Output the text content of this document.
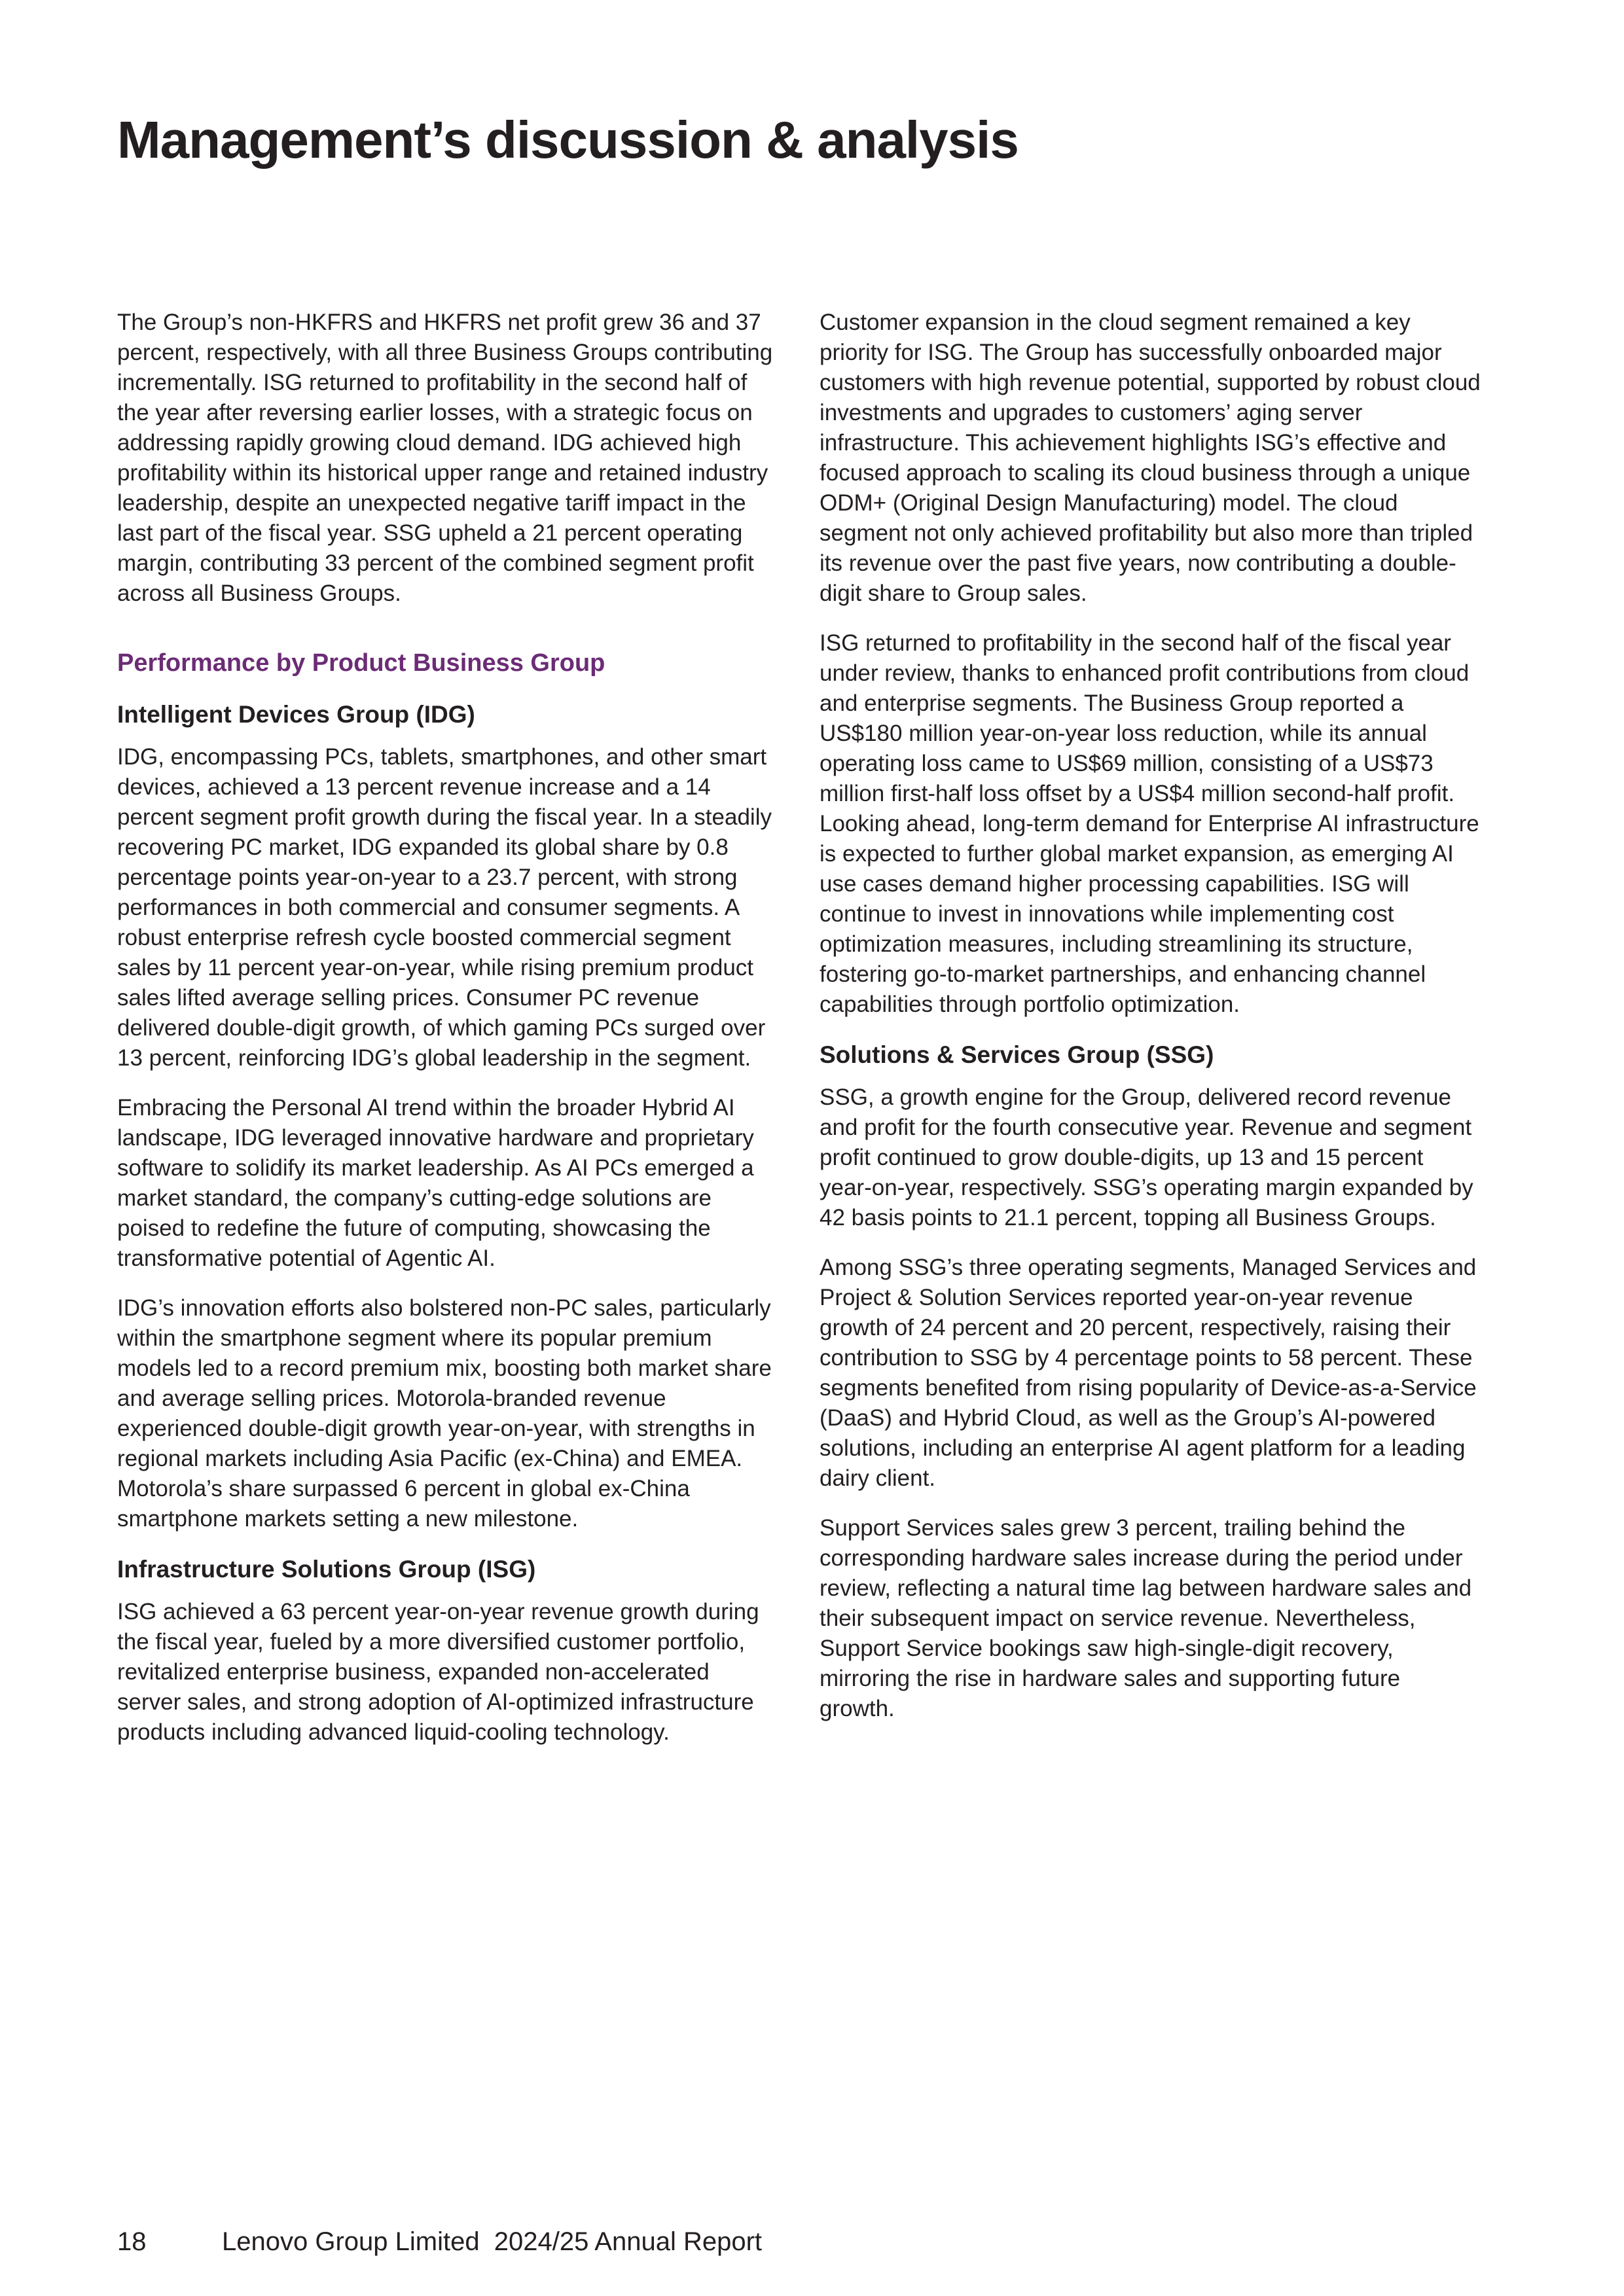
Management’s discussion & analysis

The Group’s non-HKFRS and HKFRS net profit grew 36 and 37 percent, respectively, with all three Business Groups contributing incrementally. ISG returned to profitability in the second half of the year after reversing earlier losses, with a strategic focus on addressing rapidly growing cloud demand. IDG achieved high profitability within its historical upper range and retained industry leadership, despite an unexpected negative tariff impact in the last part of the fiscal year. SSG upheld a 21 percent operating margin, contributing 33 percent of the combined segment profit across all Business Groups.

Performance by Product Business Group
Intelligent Devices Group (IDG)

IDG, encompassing PCs, tablets, smartphones, and other smart devices, achieved a 13 percent revenue increase and a 14 percent segment profit growth during the fiscal year. In a steadily recovering PC market, IDG expanded its global share by 0.8 percentage points year-on-year to a 23.7 percent, with strong performances in both commercial and consumer segments. A robust enterprise refresh cycle boosted commercial segment sales by 11 percent year-on-year, while rising premium product sales lifted average selling prices. Consumer PC revenue delivered double-digit growth, of which gaming PCs surged over 13 percent, reinforcing IDG’s global leadership in the segment.

Embracing the Personal AI trend within the broader Hybrid AI landscape, IDG leveraged innovative hardware and proprietary software to solidify its market leadership. As AI PCs emerged a market standard, the company’s cutting-edge solutions are poised to redefine the future of computing, showcasing the transformative potential of Agentic AI.

IDG’s innovation efforts also bolstered non-PC sales, particularly within the smartphone segment where its popular premium models led to a record premium mix, boosting both market share and average selling prices. Motorola-branded revenue experienced double-digit growth year-on-year, with strengths in regional markets including Asia Pacific (ex-China) and EMEA. Motorola’s share surpassed 6 percent in global ex-China smartphone markets setting a new milestone.

Infrastructure Solutions Group (ISG)

ISG achieved a 63 percent year-on-year revenue growth during the fiscal year, fueled by a more diversified customer portfolio, revitalized enterprise business, expanded non-accelerated server sales, and strong adoption of AI-optimized infrastructure products including advanced liquid-cooling technology.

Customer expansion in the cloud segment remained a key priority for ISG. The Group has successfully onboarded major customers with high revenue potential, supported by robust cloud investments and upgrades to customers’ aging server infrastructure. This achievement highlights ISG’s effective and focused approach to scaling its cloud business through a unique ODM+ (Original Design Manufacturing) model. The cloud segment not only achieved profitability but also more than tripled its revenue over the past five years, now contributing a double-digit share to Group sales.

ISG returned to profitability in the second half of the fiscal year under review, thanks to enhanced profit contributions from cloud and enterprise segments. The Business Group reported a US$180 million year-on-year loss reduction, while its annual operating loss came to US$69 million, consisting of a US$73 million first-half loss offset by a US$4 million second-half profit. Looking ahead, long-term demand for Enterprise AI infrastructure is expected to further global market expansion, as emerging AI use cases demand higher processing capabilities. ISG will continue to invest in innovations while implementing cost optimization measures, including streamlining its structure, fostering go-to-market partnerships, and enhancing channel capabilities through portfolio optimization.

Solutions & Services Group (SSG)

SSG, a growth engine for the Group, delivered record revenue and profit for the fourth consecutive year. Revenue and segment profit continued to grow double-digits, up 13 and 15 percent year-on-year, respectively. SSG’s operating margin expanded by 42 basis points to 21.1 percent, topping all Business Groups.

Among SSG’s three operating segments, Managed Services and Project & Solution Services reported year-on-year revenue growth of 24 percent and 20 percent, respectively, raising their contribution to SSG by 4 percentage points to 58 percent. These segments benefited from rising popularity of Device-as-a-Service (DaaS) and Hybrid Cloud, as well as the Group’s AI-powered solutions, including an enterprise AI agent platform for a leading dairy client.

Support Services sales grew 3 percent, trailing behind the corresponding hardware sales increase during the period under review, reflecting a natural time lag between hardware sales and their subsequent impact on service revenue. Nevertheless, Support Service bookings saw high-single-digit recovery, mirroring the rise in hardware sales and supporting future growth.

18	Lenovo Group Limited  2024/25 Annual Report
